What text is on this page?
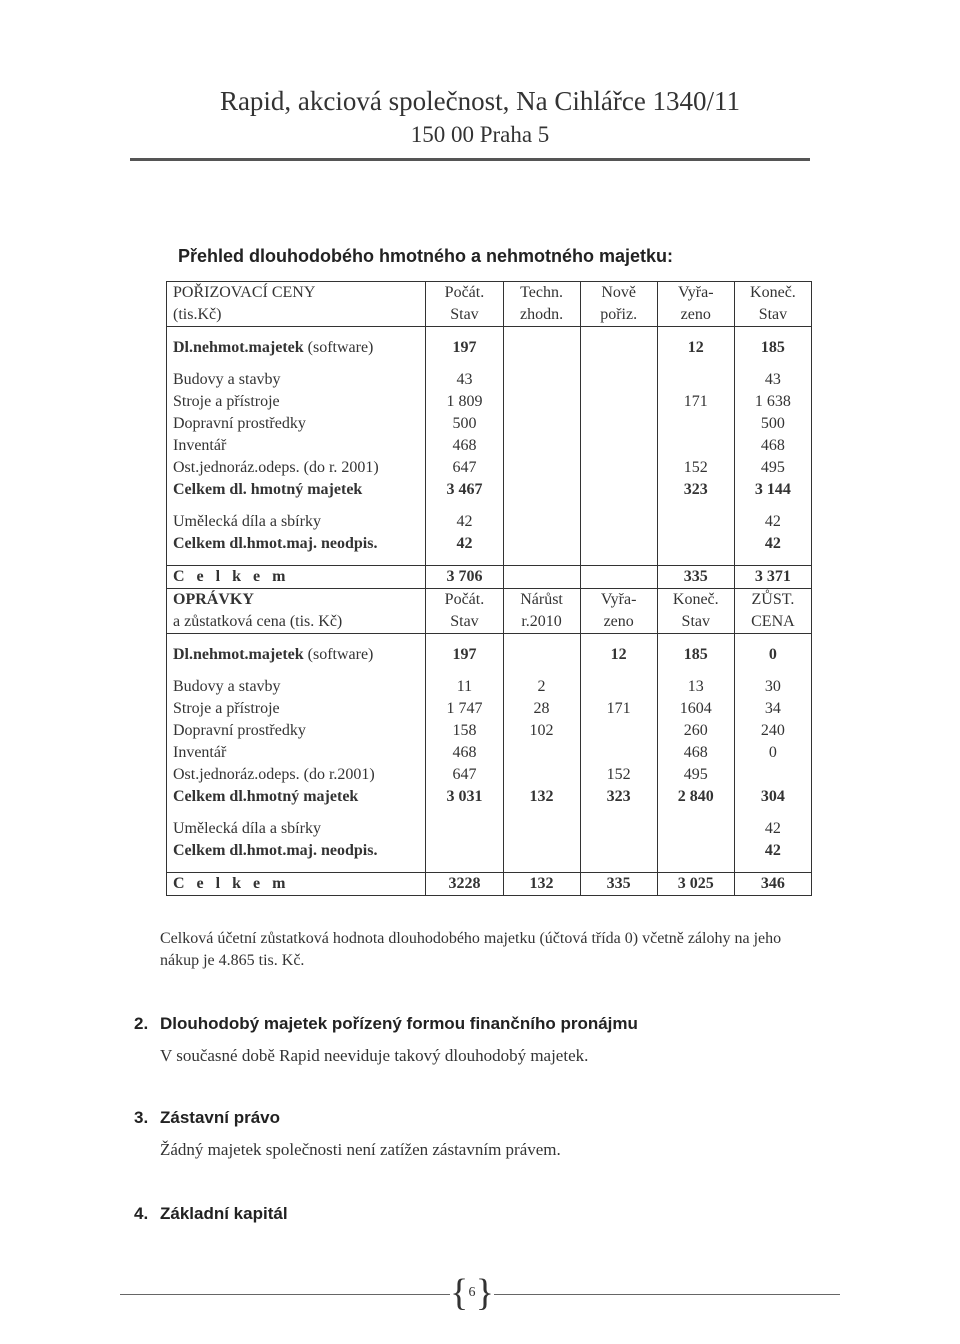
Rapid, akciová společnost, Na Cihlářce 1340/11
150 00 Praha 5
Přehled dlouhodobého hmotného a nehmotného majetku:
POŘIZOVACÍ CENY	Počát.	Techn.	Nově	Vyřa-	Koneč.
(tis.Kč)	Stav	zhodn.	pořiz.	zeno	Stav

Dl.nehmot.majetek (software)	197			12	185

Budovy a stavby	43				43
Stroje a přístroje	1 809			171	1 638
Dopravní prostředky	500				500
Inventář	468				468
Ost.jednoráz.odeps. (do r. 2001)	647			152	495
Celkem dl. hmotný majetek	3 467			323	3 144

Umělecká díla a sbírky	42				42
Celkem dl.hmot.maj. neodpis.	42				42

C e l k e m	3 706			335	3 371
OPRÁVKY	Počát.	Nárůst	Vyřa-	Koneč.	ZŮST.
a zůstatková cena (tis. Kč)	Stav	r.2010	zeno	Stav	CENA

Dl.nehmot.majetek (software)	197		12	185	0

Budovy a stavby	11	2		13	30
Stroje a přístroje	1 747	28	171	1604	34
Dopravní prostředky	158	102		260	240
Inventář	468			468	0
Ost.jednoráz.odeps. (do r.2001)	647		152	495	
Celkem dl.hmotný majetek	3 031	132	323	2 840	304

Umělecká díla a sbírky					42
Celkem dl.hmot.maj. neodpis.					42

C e l k e m	3228	132	335	3 025	346
Celková účetní zůstatková hodnota dlouhodobého majetku (účtová třída 0) včetně zálohy na jeho nákup je 4.865 tis. Kč.
2. Dlouhodobý majetek pořízený formou finančního pronájmu
V současné době Rapid neeviduje takový dlouhodobý majetek.
3. Zástavní právo
Žádný majetek společnosti není zatížen zástavním právem.
4. Základní kapitál
{ 6 }
